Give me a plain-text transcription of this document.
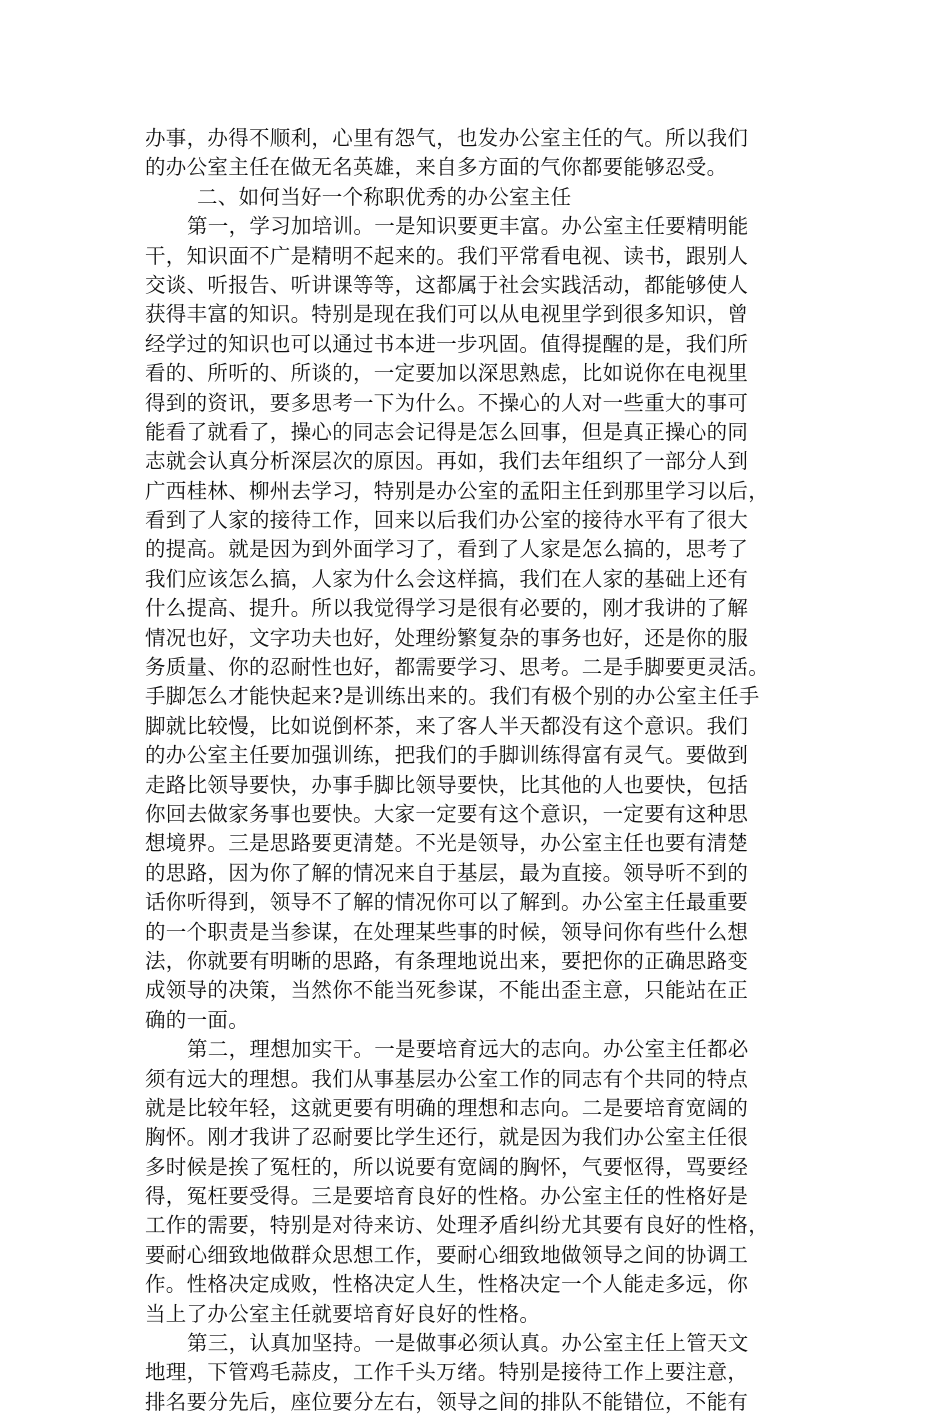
办事，办得不顺利，心里有怨气，也发办公室主任的气。所以我们
的办公室主任在做无名英雄，来自多方面的气你都要能够忍受。
二、如何当好一个称职优秀的办公室主任
第一，学习加培训。一是知识要更丰富。办公室主任要精明能
干，知识面不广是精明不起来的。我们平常看电视、读书，跟别人
交谈、听报告、听讲课等等，这都属于社会实践活动，都能够使人
获得丰富的知识。特别是现在我们可以从电视里学到很多知识，曾
经学过的知识也可以通过书本进一步巩固。值得提醒的是，我们所
看的、所听的、所谈的，一定要加以深思熟虑，比如说你在电视里
得到的资讯，要多思考一下为什么。不操心的人对一些重大的事可
能看了就看了，操心的同志会记得是怎么回事，但是真正操心的同
志就会认真分析深层次的原因。再如，我们去年组织了一部分人到
广西桂林、柳州去学习，特别是办公室的孟阳主任到那里学习以后，
看到了人家的接待工作，回来以后我们办公室的接待水平有了很大
的提高。就是因为到外面学习了，看到了人家是怎么搞的，思考了
我们应该怎么搞，人家为什么会这样搞，我们在人家的基础上还有
什么提高、提升。所以我觉得学习是很有必要的，刚才我讲的了解
情况也好，文字功夫也好，处理纷繁复杂的事务也好，还是你的服
务质量、你的忍耐性也好，都需要学习、思考。二是手脚要更灵活。
手脚怎么才能快起来?是训练出来的。我们有极个别的办公室主任手
脚就比较慢，比如说倒杯茶，来了客人半天都没有这个意识。我们
的办公室主任要加强训练，把我们的手脚训练得富有灵气。要做到
走路比领导要快，办事手脚比领导要快，比其他的人也要快，包括
你回去做家务事也要快。大家一定要有这个意识，一定要有这种思
想境界。三是思路要更清楚。不光是领导，办公室主任也要有清楚
的思路，因为你了解的情况来自于基层，最为直接。领导听不到的
话你听得到，领导不了解的情况你可以了解到。办公室主任最重要
的一个职责是当参谋，在处理某些事的时候，领导问你有些什么想
法，你就要有明晰的思路，有条理地说出来，要把你的正确思路变
成领导的决策，当然你不能当死参谋，不能出歪主意，只能站在正
确的一面。
第二，理想加实干。一是要培育远大的志向。办公室主任都必
须有远大的理想。我们从事基层办公室工作的同志有个共同的特点
就是比较年轻，这就更要有明确的理想和志向。二是要培育宽阔的
胸怀。刚才我讲了忍耐要比学生还行，就是因为我们办公室主任很
多时候是挨了冤枉的，所以说要有宽阔的胸怀，气要怄得，骂要经
得，冤枉要受得。三是要培育良好的性格。办公室主任的性格好是
工作的需要，特别是对待来访、处理矛盾纠纷尤其要有良好的性格，
要耐心细致地做群众思想工作，要耐心细致地做领导之间的协调工
作。性格决定成败，性格决定人生，性格决定一个人能走多远，你
当上了办公室主任就要培育好良好的性格。
第三，认真加坚持。一是做事必须认真。办公室主任上管天文
地理，下管鸡毛蒜皮，工作千头万绪。特别是接待工作上要注意，
排名要分先后，座位要分左右，领导之间的排队不能错位，不能有
